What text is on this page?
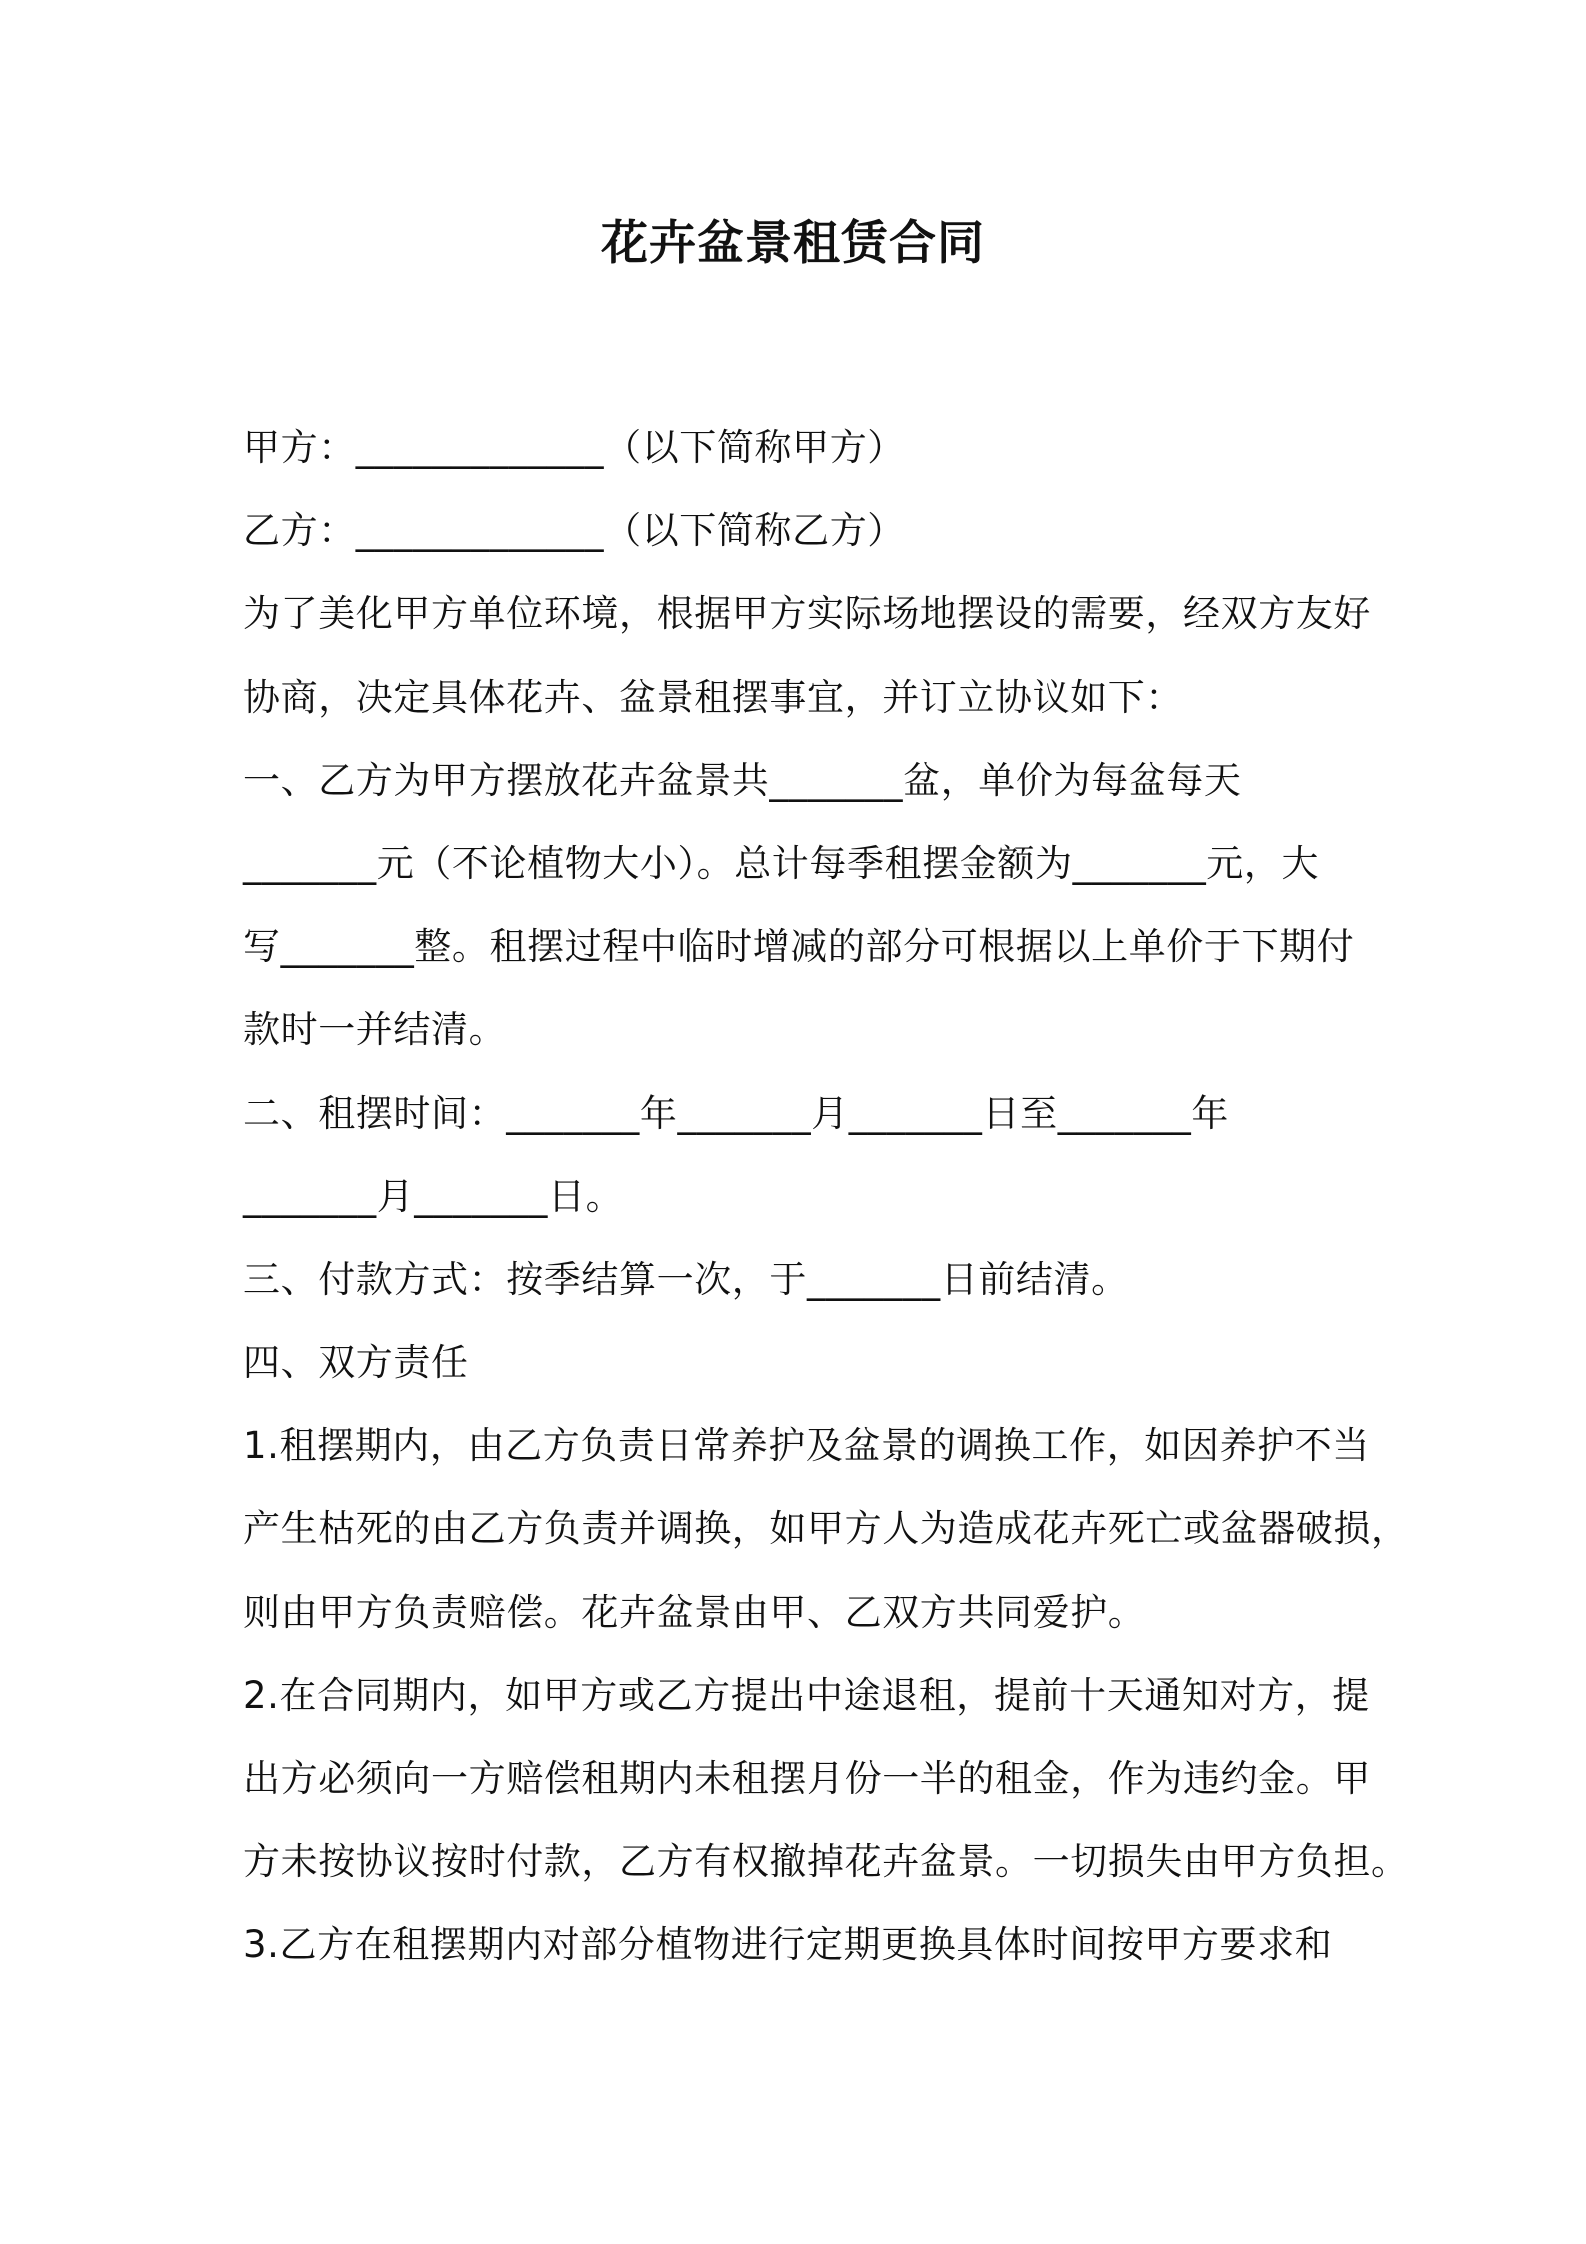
花卉盆景租赁合同
甲方：_____________（以下简称甲方）
乙方：_____________（以下简称乙方）
为了美化甲方单位环境，根据甲方实际场地摆设的需要，经双方友好
协商，决定具体花卉、盆景租摆事宜，并订立协议如下：
一、乙方为甲方摆放花卉盆景共_______盆，单价为每盆每天
_______元（不论植物大小）。总计每季租摆金额为_______元，大
写_______整。租摆过程中临时增减的部分可根据以上单价于下期付
款时一并结清。
二、租摆时间：_______年_______月_______日至_______年
_______月_______日。
三、付款方式：按季结算一次，于_______日前结清。
四、双方责任
1.租摆期内，由乙方负责日常养护及盆景的调换工作，如因养护不当
产生枯死的由乙方负责并调换，如甲方人为造成花卉死亡或盆器破损，
则由甲方负责赔偿。花卉盆景由甲、乙双方共同爱护。
2.在合同期内，如甲方或乙方提出中途退租，提前十天通知对方，提
出方必须向一方赔偿租期内未租摆月份一半的租金，作为违约金。甲
方未按协议按时付款，乙方有权撤掉花卉盆景。一切损失由甲方负担。
3.乙方在租摆期内对部分植物进行定期更换具体时间按甲方要求和
